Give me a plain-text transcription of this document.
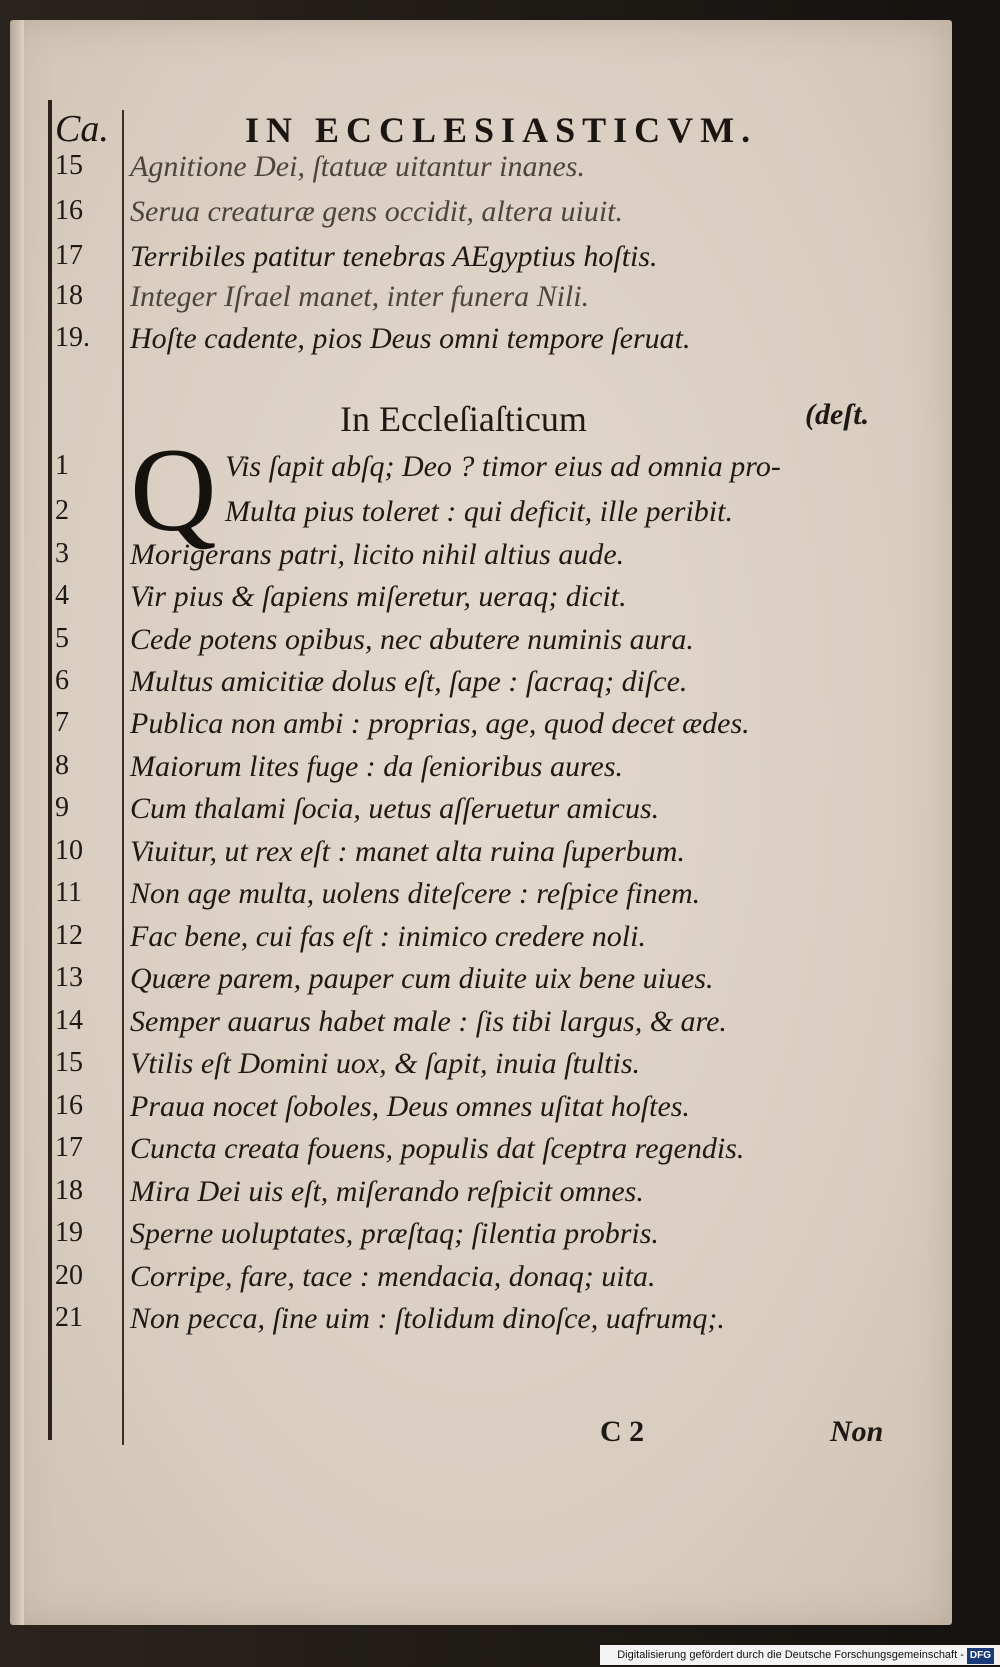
Ca.	IN ECCLESIASTICVM.
15	Agnitione Dei, ſtatuæ uitantur inanes.
16	Serua creaturæ gens occidit, altera uiuit.
17	Terribiles patitur tenebras AEgyptius hoſtis.
18	Integer Iſrael manet, inter funera Nili.
19.	Hoſte cadente, pios Deus omni tempore ſeruat.
In Eccleſiaſticum	(deſt.
Q
1	Vis ſapit abſq; Deo ? timor eius ad omnia pro-
2	Multa pius toleret : qui deficit, ille peribit.
3	Morigerans patri, licito nihil altius aude.
4	Vir pius & ſapiens miſeretur, ueraq; dicit.
5	Cede potens opibus, nec abutere numinis aura.
6	Multus amicitiæ dolus eſt, ſape : ſacraq; diſce.
7	Publica non ambi : proprias, age, quod decet ædes.
8	Maiorum lites fuge : da ſenioribus aures.
9	Cum thalami ſocia, uetus aſſeruetur amicus.
10	Viuitur, ut rex eſt : manet alta ruina ſuperbum.
11	Non age multa, uolens diteſcere : reſpice finem.
12	Fac bene, cui fas eſt : inimico credere noli.
13	Quære parem, pauper cum diuite uix bene uiues.
14	Semper auarus habet male : ſis tibi largus, & are.
15	Vtilis eſt Domini uox, & ſapit, inuia ſtultis.
16	Praua nocet ſoboles, Deus omnes uſitat hoſtes.
17	Cuncta creata fouens, populis dat ſceptra regendis.
18	Mira Dei uis eſt, miſerando reſpicit omnes.
19	Sperne uoluptates, præſtaq; ſilentia probris.
20	Corripe, fare, tace : mendacia, donaq; uita.
21	Non pecca, ſine uim : ſtolidum dinoſce, uafrumq;.
C 2	Non
Digitalisierung gefördert durch die Deutsche Forschungsgemeinschaft - DFG
